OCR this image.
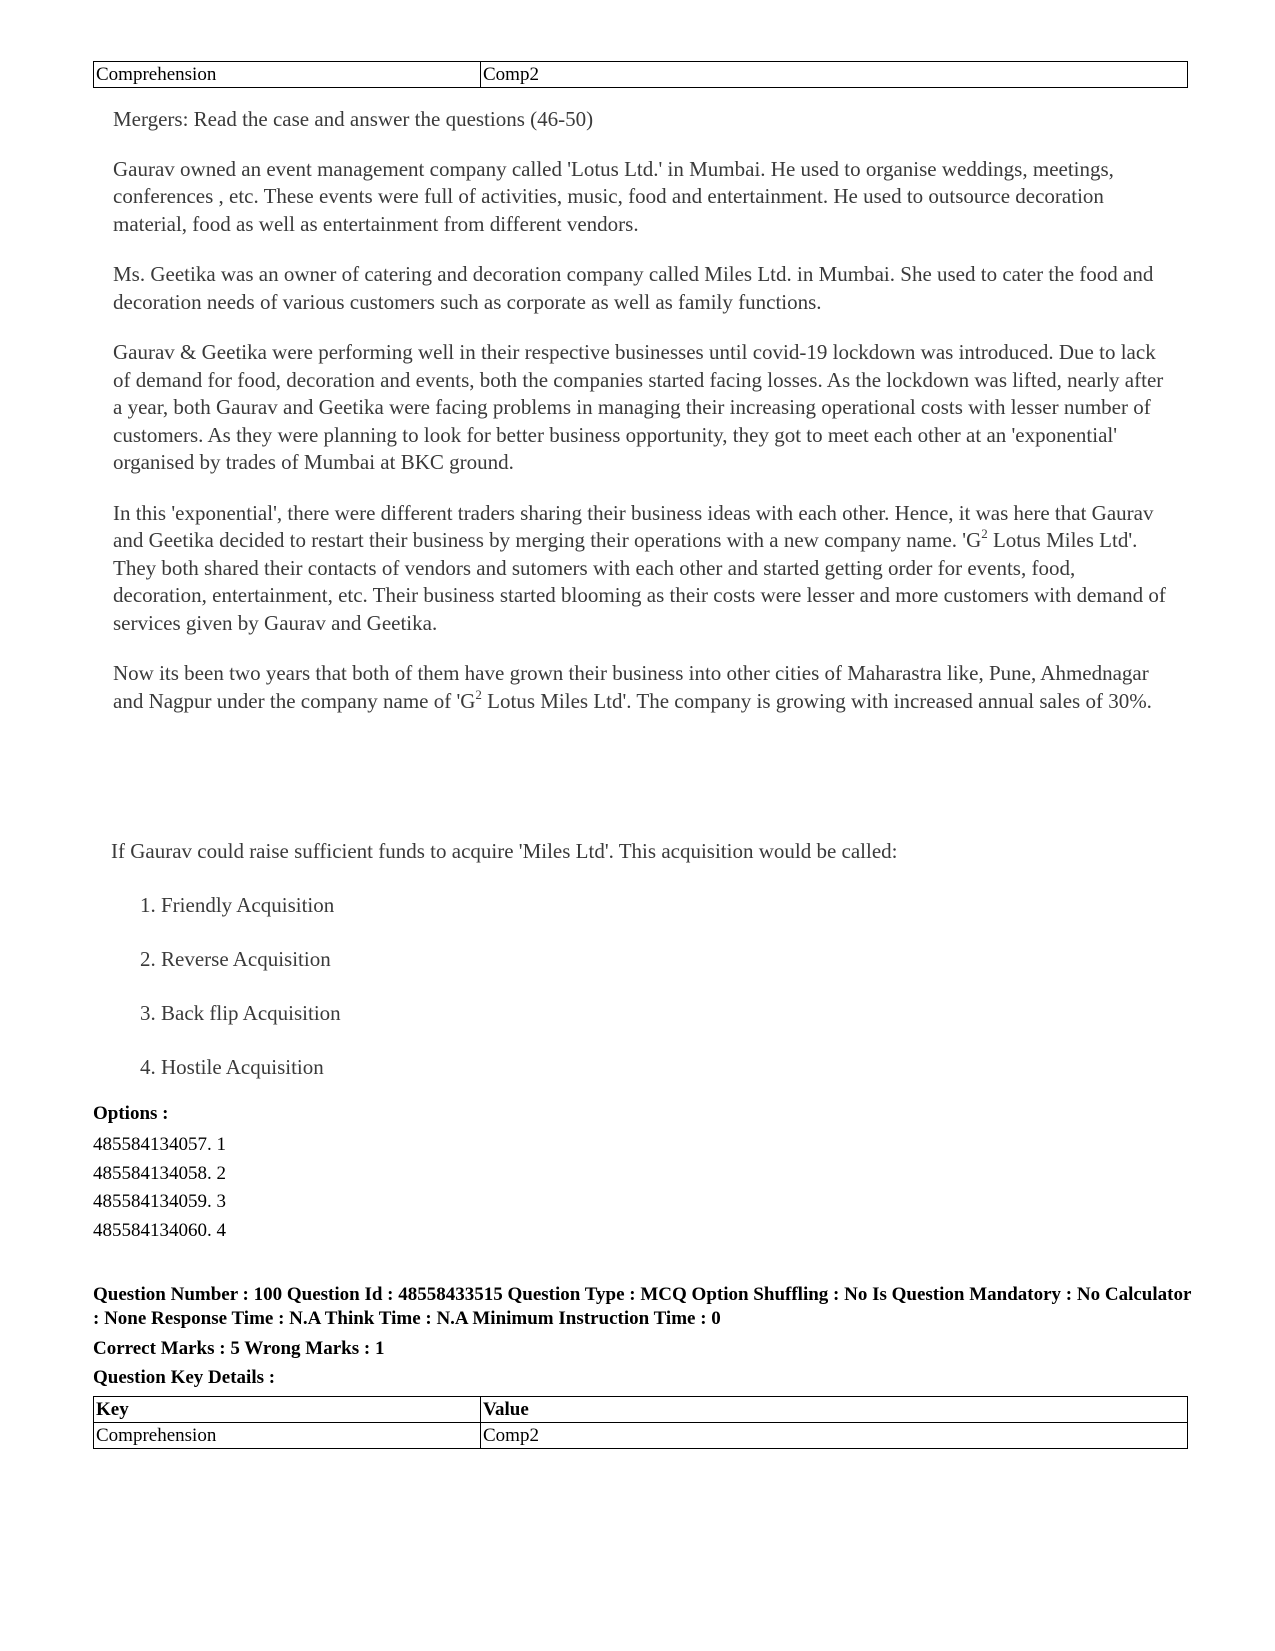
Comprehension	Comp2

Mergers: Read the case and answer the questions (46-50)

Gaurav owned an event management company called 'Lotus Ltd.' in Mumbai. He used to organise weddings, meetings, conferences , etc. These events were full of activities, music, food and entertainment. He used to outsource decoration material, food as well as entertainment from different vendors.

Ms. Geetika was an owner of catering and decoration company called Miles Ltd. in Mumbai. She used to cater the food and decoration needs of various customers such as corporate as well as family functions.

Gaurav & Geetika were performing well in their respective businesses until covid-19 lockdown was introduced. Due to lack of demand for food, decoration and events, both the companies started facing losses. As the lockdown was lifted, nearly after a year, both Gaurav and Geetika were facing problems in managing their increasing operational costs with lesser number of customers. As they were planning to look for better business opportunity, they got to meet each other at an 'exponential' organised by trades of Mumbai at BKC ground.

In this 'exponential', there were different traders sharing their business ideas with each other. Hence, it was here that Gaurav and Geetika decided to restart their business by merging their operations with a new company name. '$G^2$ Lotus Miles Ltd'. They both shared their contacts of vendors and sutomers with each other and started getting order for events, food, decoration, entertainment, etc. Their business started blooming as their costs were lesser and more customers with demand of services given by Gaurav and Geetika.

Now its been two years that both of them have grown their business into other cities of Maharastra like, Pune, Ahmednagar and Nagpur under the company name of '$G^2$ Lotus Miles Ltd'. The company is growing with increased annual sales of 30%.

If Gaurav could raise sufficient funds to acquire 'Miles Ltd'. This acquisition would be called:

1. Friendly Acquisition
2. Reverse Acquisition
3. Back flip Acquisition
4. Hostile Acquisition

Options :

485584134057. 1
485584134058. 2
485584134059. 3
485584134060. 4

Question Number : 100 Question Id : 48558433515 Question Type : MCQ Option Shuffling : No Is Question Mandatory : No Calculator : None Response Time : N.A Think Time : N.A Minimum Instruction Time : 0

Correct Marks : 5 Wrong Marks : 1

Question Key Details :

Key	Value
Comprehension	Comp2
